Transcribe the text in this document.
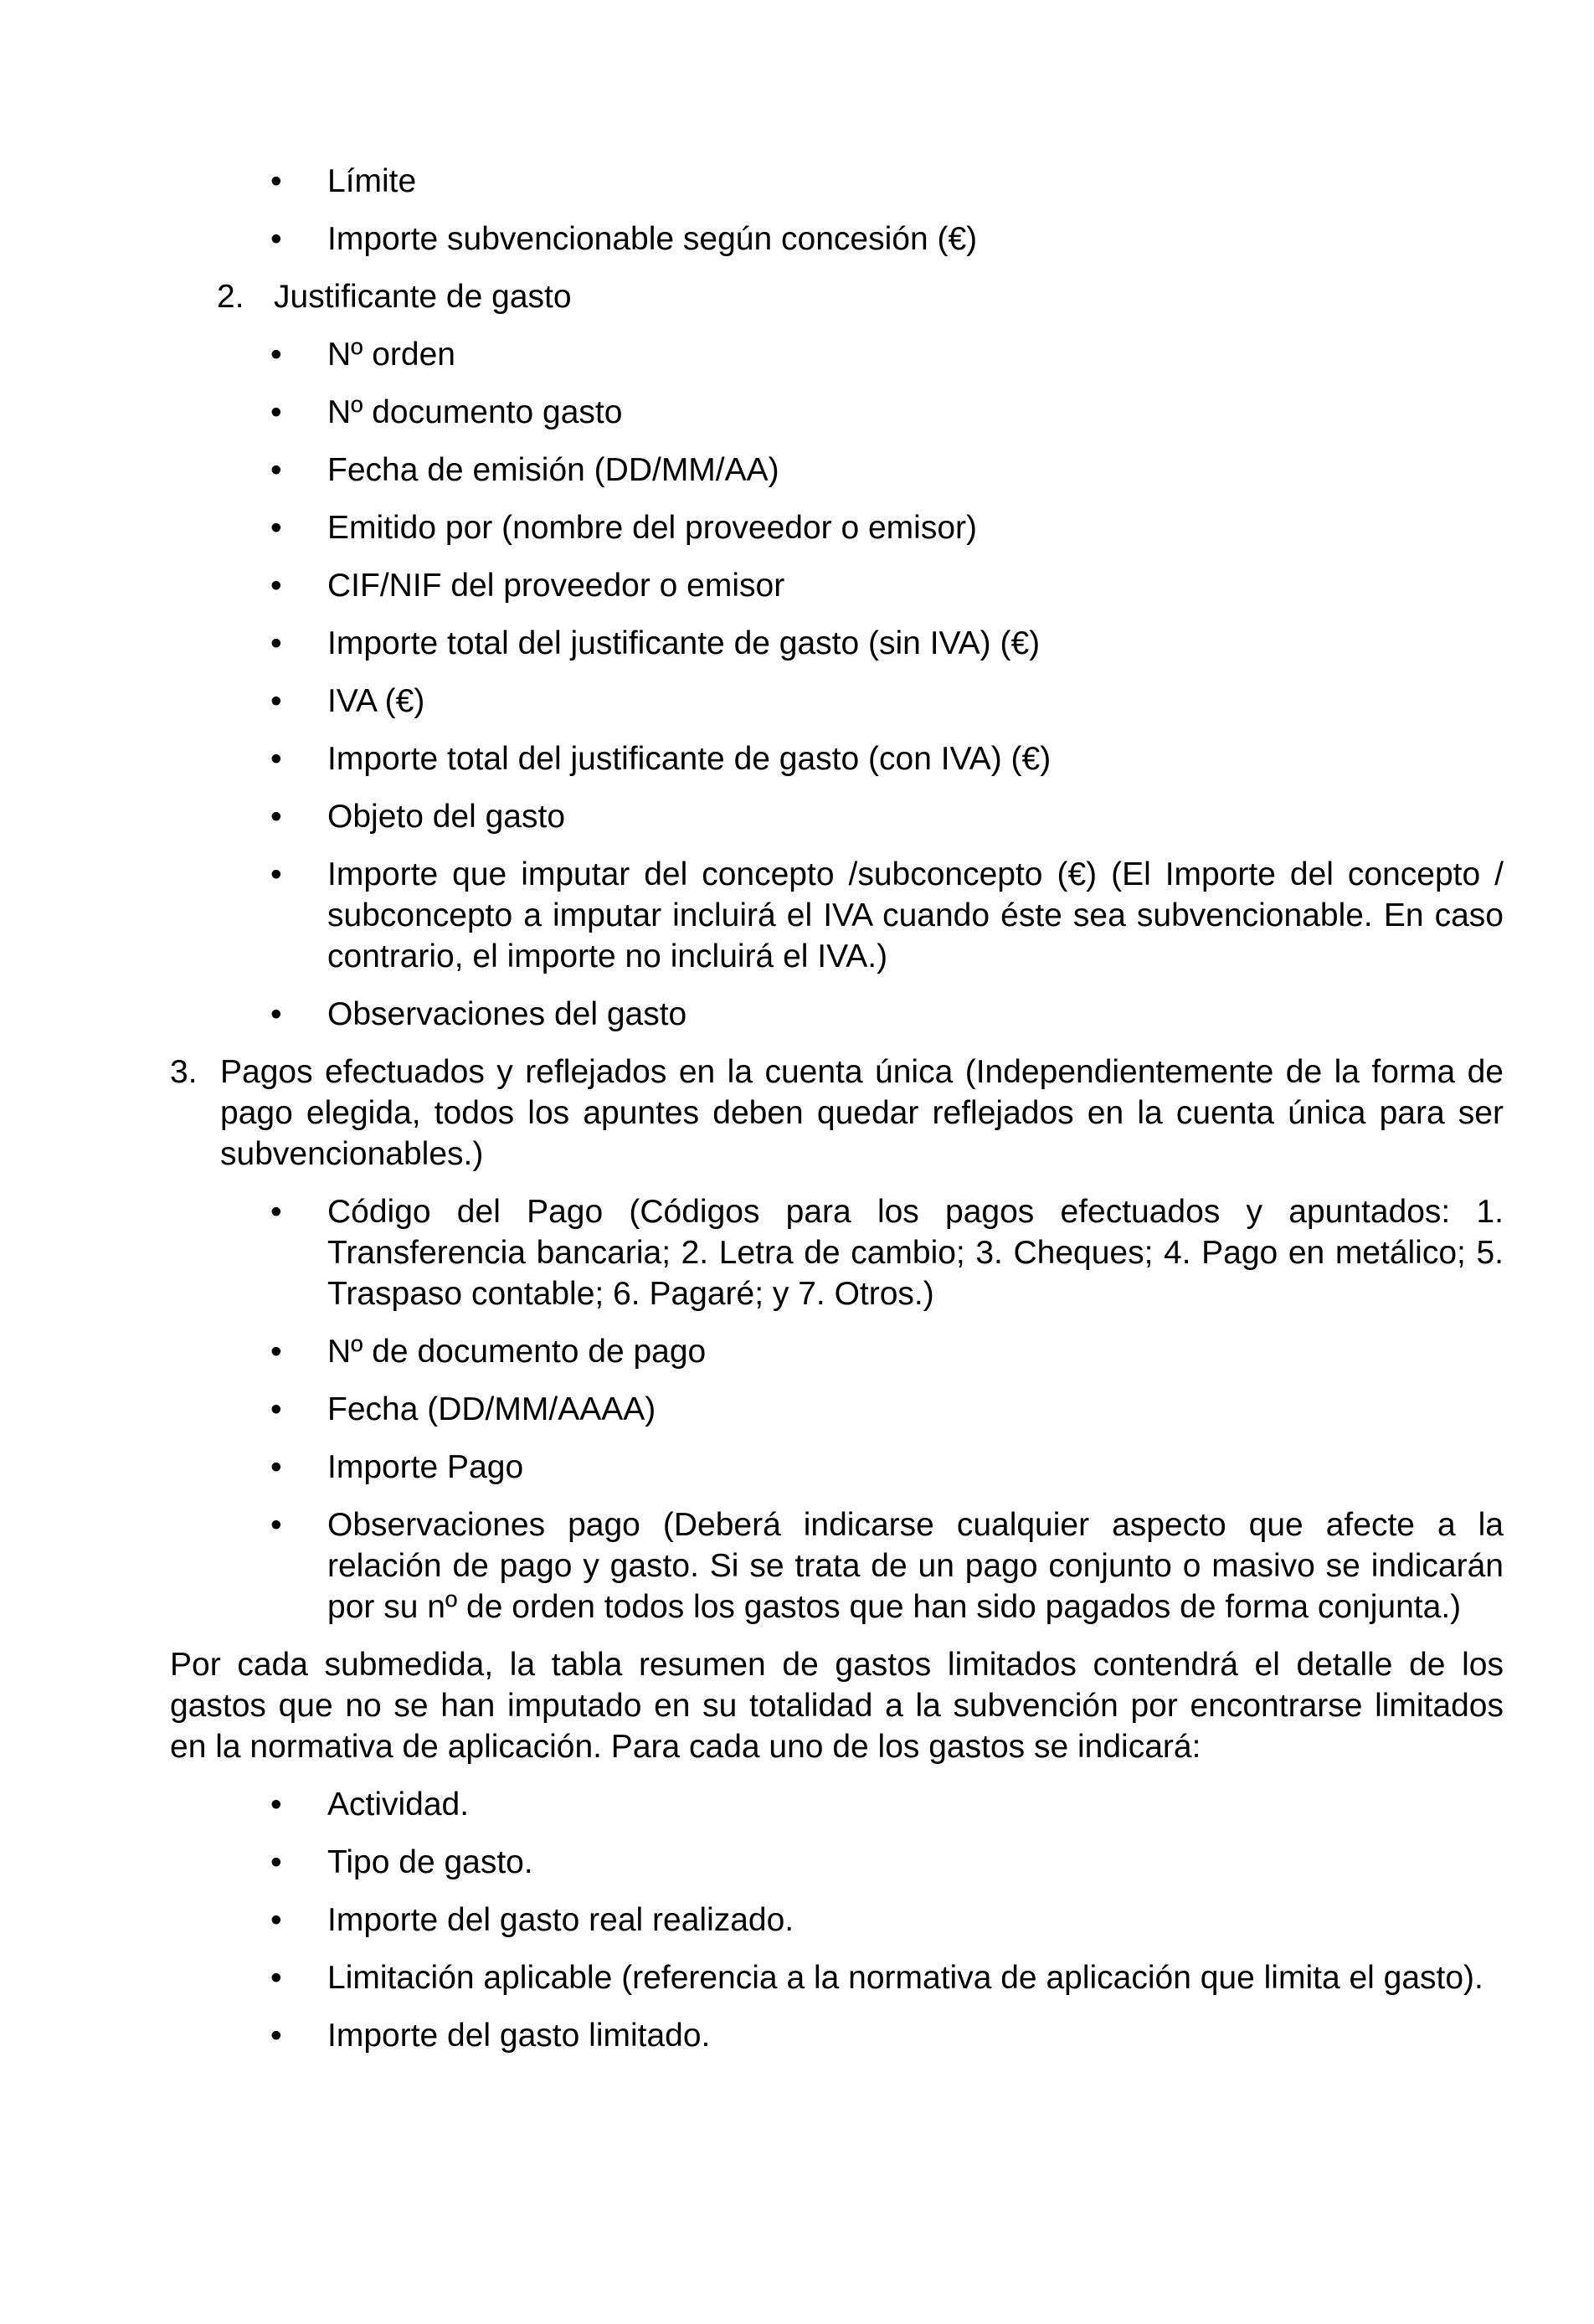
• Límite
• Importe subvencionable según concesión (€)
2. Justificante de gasto
• Nº orden
• Nº documento gasto
• Fecha de emisión (DD/MM/AA)
• Emitido por (nombre del proveedor o emisor)
• CIF/NIF del proveedor o emisor
• Importe total del justificante de gasto (sin IVA) (€)
• IVA (€)
• Importe total del justificante de gasto (con IVA) (€)
• Objeto del gasto
• Importe que imputar del concepto /subconcepto (€) (El Importe del concepto / subconcepto a imputar incluirá el IVA cuando éste sea subvencionable. En caso contrario, el importe no incluirá el IVA.)
• Observaciones del gasto
3. Pagos efectuados y reflejados en la cuenta única (Independientemente de la forma de pago elegida, todos los apuntes deben quedar reflejados en la cuenta única para ser subvencionables.)
• Código del Pago (Códigos para los pagos efectuados y apuntados: 1. Transferencia bancaria; 2. Letra de cambio; 3. Cheques; 4. Pago en metálico; 5. Traspaso contable; 6. Pagaré; y 7. Otros.)
• Nº de documento de pago
• Fecha (DD/MM/AAAA)
• Importe Pago
• Observaciones pago (Deberá indicarse cualquier aspecto que afecte a la relación de pago y gasto. Si se trata de un pago conjunto o masivo se indicarán por su nº de orden todos los gastos que han sido pagados de forma conjunta.)

Por cada submedida, la tabla resumen de gastos limitados contendrá el detalle de los gastos que no se han imputado en su totalidad a la subvención por encontrarse limitados en la normativa de aplicación. Para cada uno de los gastos se indicará:

• Actividad.
• Tipo de gasto.
• Importe del gasto real realizado.
• Limitación aplicable (referencia a la normativa de aplicación que limita el gasto).
• Importe del gasto limitado.
